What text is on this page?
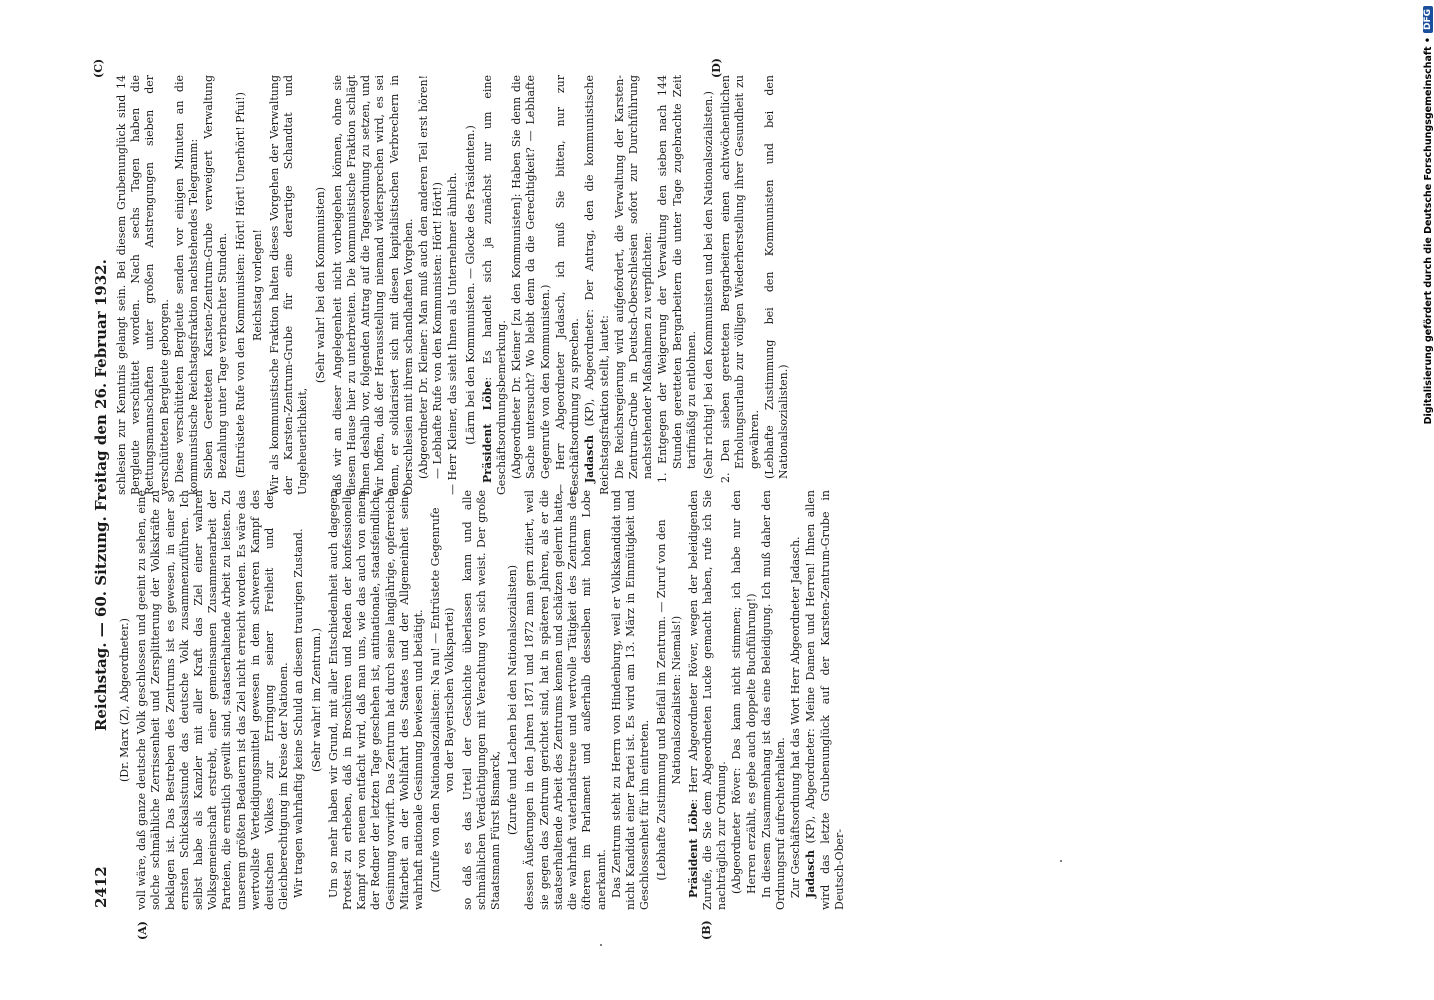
2412
Reichstag. — 60. Sitzung. Freitag den 26. Februar 1932.
(A)	(B)
(C)	(D)

(Dr. Marx (Z), Abgeordneter.) voll wäre, daß ganze deutsche Volk geschlossen und geeint zu sehen, eine solche schmähliche Zerrissenheit und Zersplitterung der Volkskräfte zu beklagen ist. Das Bestreben des Zentrums ist es gewesen, in einer so ernsten Schicksalsstunde das deutsche Volk zusammenzuführen. Ich selbst habe als Kanzler mit aller Kraft das Ziel einer wahren Volksgemeinschaft erstrebt, einer gemeinsamen Zusammenarbeit der Parteien, die ernstlich gewillt sind, staatserhaltende Arbeit zu leisten. Zu unserem größten Bedauern ist das Ziel nicht erreicht worden. Es wäre das wertvollste Verteidigungsmittel gewesen in dem schweren Kampf des deutschen Volkes zur Erringung seiner Freiheit und der Gleichberechtigung im Kreise der Nationen. Wir tragen wahrhaftig keine Schuld an diesem traurigen Zustand. (Sehr wahr! im Zentrum.) Um so mehr haben wir Grund, mit aller Entschiedenheit auch dagegen Protest zu erheben, daß in Broschüren und Reden der konfessionelle Kampf von neuem entfacht wird, daß man uns, wie das auch von einem der Redner der letzten Tage geschehen ist, antinationale, staatsfeindliche Gesinnung vorwirft. Das Zentrum hat durch seine langjährige, opferreiche Mitarbeit an der Wohlfahrt des Staates und der Allgemeinheit seine wahrhaft nationale Gesinnung bewiesen und betätigt. (Zurufe von den Nationalsozialisten: Na nu! — Entrüstete Gegenrufe von der Bayerischen Volkspartei) so daß es das Urteil der Geschichte überlassen kann und alle schmählichen Verdächtigungen mit Verachtung von sich weist. Der große Staatsmann Fürst Bismarck, (Zurufe und Lachen bei den Nationalsozialisten) dessen Äußerungen in den Jahren 1871 und 1872 man gern zitiert, weil sie gegen das Zentrum gerichtet sind, hat in späteren Jahren, als er die staatserhaltende Arbeit des Zentrums kennen und schätzen gelernt hatte, die wahrhaft vaterlandstreue und wertvolle Tätigkeit des Zentrums des öfteren im Parlament und außerhalb desselben mit hohem Lobe anerkannt. Das Zentrum steht zu Herrn von Hindenburg, weil er Volkskandidat und nicht Kandidat einer Partei ist. Es wird am 13. März in Einmütigkeit und Geschlossenheit für ihn eintreten. (Lebhafte Zustimmung und Beifall im Zentrum. — Zuruf von den Nationalsozialisten: Niemals!)

Präsident Löbe: Herr Abgeordneter Röver, wegen der beleidigenden Zurufe, die Sie dem Abgeordneten Lucke gemacht haben, rufe ich Sie nachträglich zur Ordnung. (Abgeordneter Röver: Das kann nicht stimmen; ich habe nur den Herren erzählt, es gebe auch doppelte Buchführung!) In diesem Zusammenhang ist das eine Beleidigung. Ich muß daher den Ordnungsruf aufrechterhalten. Zur Geschäftsordnung hat das Wort Herr Abgeordneter Jadasch. Jadasch (KP), Abgeordneter: Meine Damen und Herren! Ihnen allen wird das letzte Grubenunglück auf der Karsten-Zentrum-Grube in Deutsch-Ober-

schlesien zur Kenntnis gelangt sein. Bei diesem Grubenunglück sind 14 Bergleute verschüttet worden. Nach sechs Tagen haben die Rettungsmannschaften unter großen Anstrengungen sieben der verschütteten Bergleute geborgen. Diese verschütteten Bergleute senden vor einigen Minuten an die kommunistische Reichstagsfraktion nachstehendes Telegramm: Sieben Geretteten Karsten-Zentrum-Grube verweigert Verwaltung Bezahlung unter Tage verbrachter Stunden. (Entrüstete Rufe von den Kommunisten: Hört! Hört! Unerhört! Pfui!) Reichstag vorlegen! Wir als kommunistische Fraktion halten dieses Vorgehen der Verwaltung der Karsten-Zentrum-Grube für eine derartige Schandtat und Ungeheuerlichkeit,

(Sehr wahr! bei den Kommunisten) daß wir an dieser Angelegenheit nicht vorbeigehen können, ohne sie diesem Hause hier zu unterbreiten. Die kommunistische Fraktion schlägt Ihnen deshalb vor, folgenden Antrag auf die Tagesordnung zu setzen, und wir hoffen, daß der Herausstellung niemand widersprechen wird, es sei denn, er solidarisiert sich mit diesen kapitalistischen Verbrechern in Oberschlesien mit ihrem schandhaften Vorgehen. (Abgeordneter Dr. Kleiner: Man muß auch den anderen Teil erst hören! — Lebhafte Rufe von den Kommunisten: Hört! Hört!) — Herr Kleiner, das sieht Ihnen als Unternehmer ähnlich. (Lärm bei den Kommunisten. — Glocke des Präsidenten.) Präsident Löbe: Es handelt sich ja zunächst nur um eine Geschäftsordnungsbemerkung. (Abgeordneter Dr. Kleiner [zu den Kommunisten]: Haben Sie denn die Sache untersucht? Wo bleibt denn da die Gerechtigkeit? — Lebhafte Gegenrufe von den Kommunisten.) — Herr Abgeordneter Jadasch, ich muß Sie bitten, nur zur Geschäftsordnung zu sprechen. Jadasch (KP), Abgeordneter: Der Antrag, den die kommunistische Reichstagsfraktion stellt, lautet: Die Reichsregierung wird aufgefordert, die Verwaltung der Karsten-Zentrum-Grube in Deutsch-Oberschlesien sofort zur Durchführung nachstehender Maßnahmen zu verpflichten: 1. Entgegen der Weigerung der Verwaltung den sieben nach 144 Stunden geretteten Bergarbeitern die unter Tage zugebrachte Zeit tarifmäßig zu entlohnen. (Sehr richtig! bei den Kommunisten und bei den Nationalsozialisten.) 2. Den sieben geretteten Bergarbeitern einen achtwöchentlichen Erholungsurlaub zur völligen Wiederherstellung ihrer Gesundheit zu gewähren. (Lebhafte Zustimmung bei den Kommunisten und bei den Nationalsozialisten.)	Digitalisierung gefördert durch die Deutsche Forschungsgemeinschaft •
DFG
